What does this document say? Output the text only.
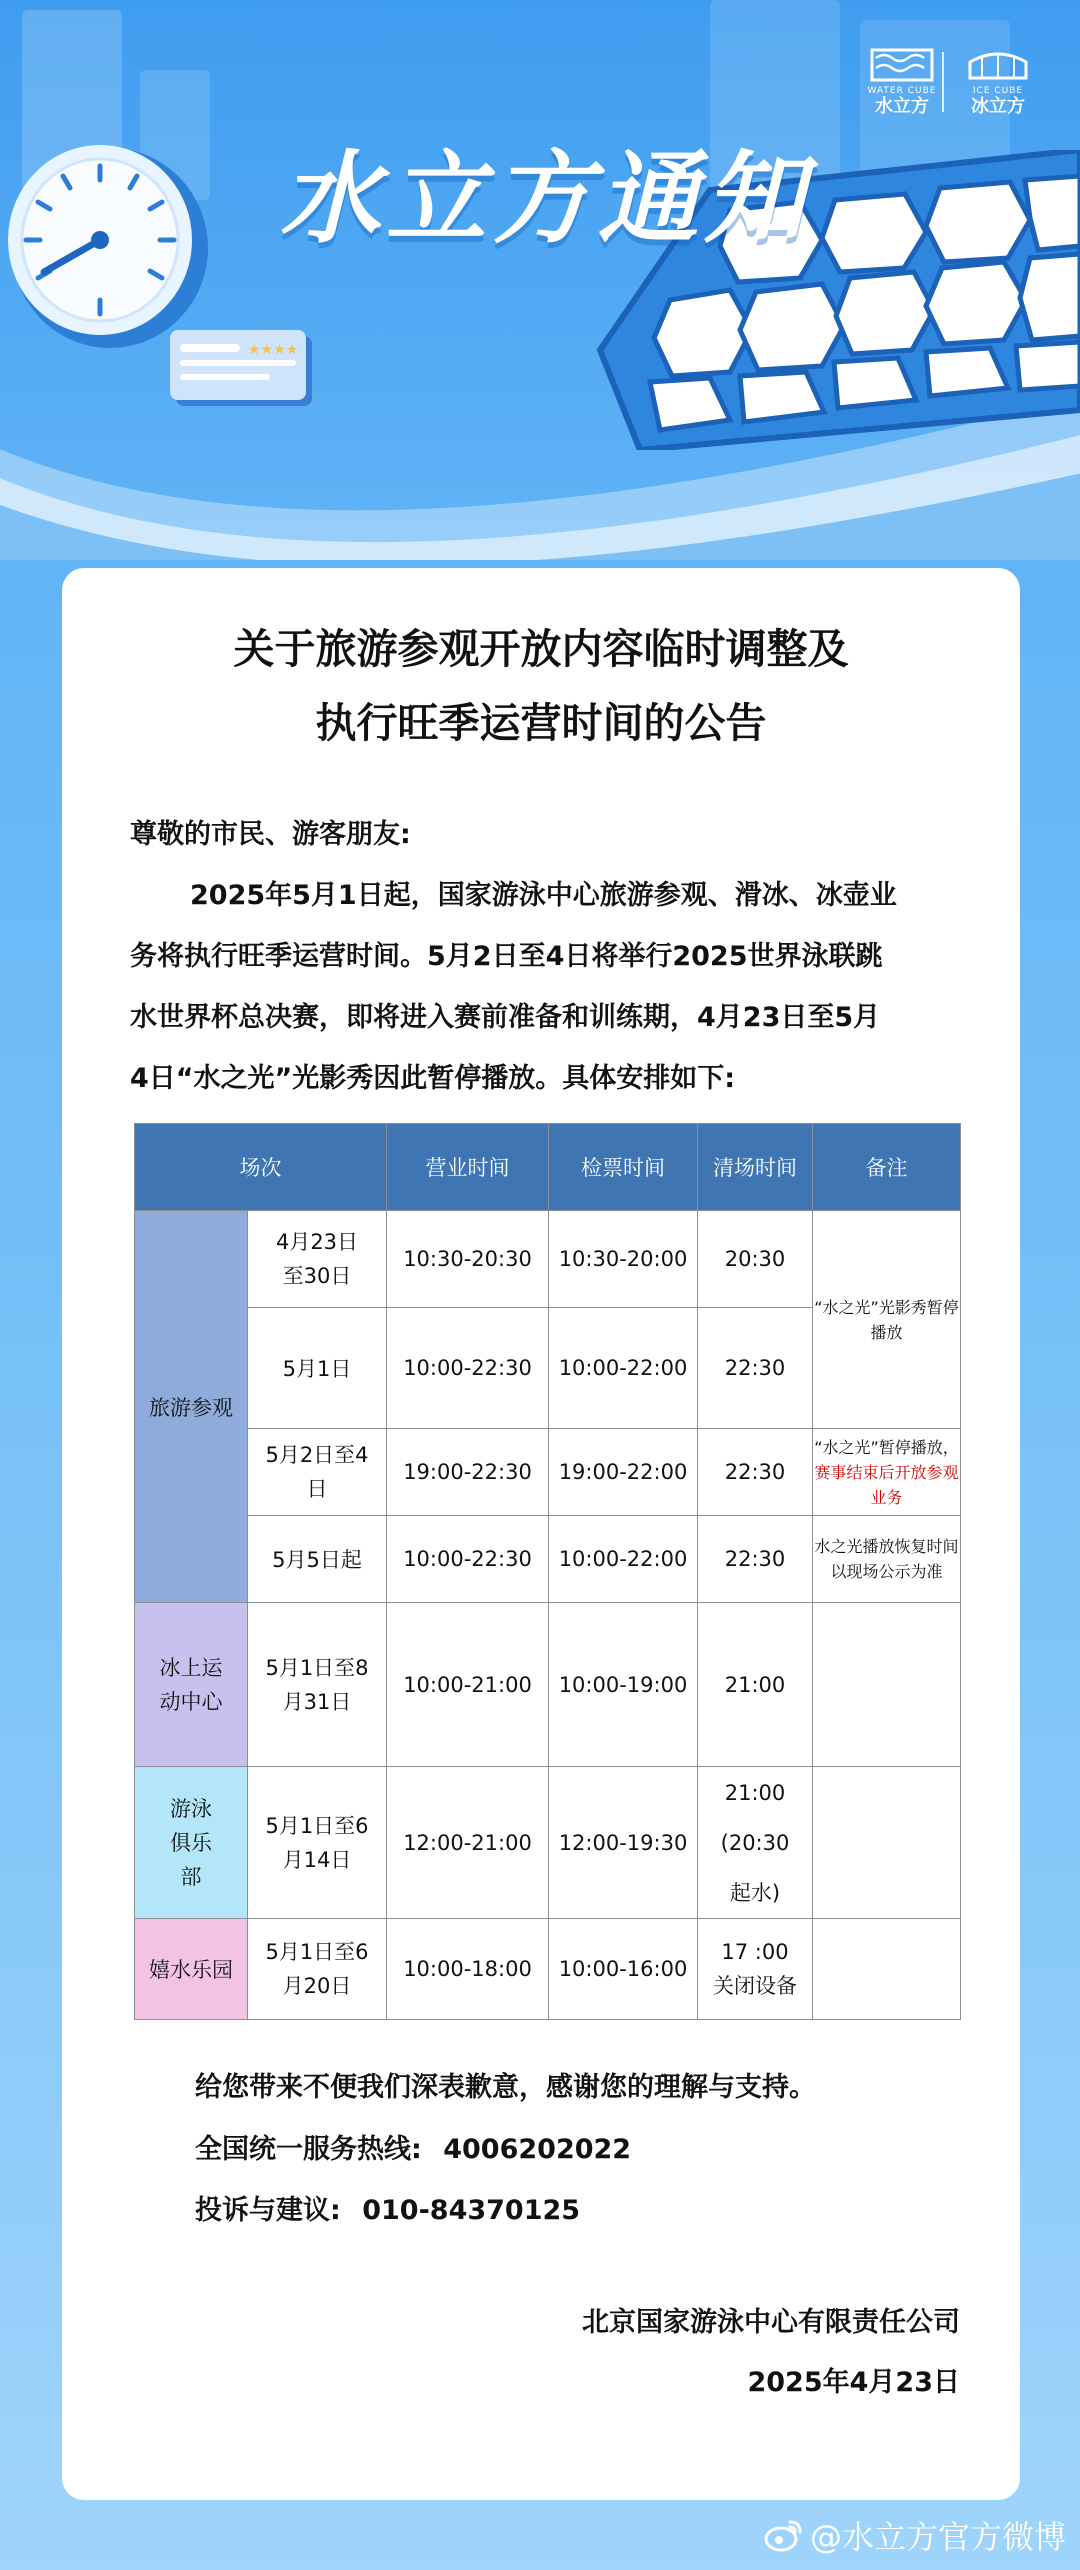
★★★★
WATER CUBE
水立方
ICE CUBE
冰立方
水立方通知
关于旅游参观开放内容临时调整及
执行旺季运营时间的公告
尊敬的市民、游客朋友:
2025年5月1日起，国家游泳中心旅游参观、滑冰、冰壶业
务将执行旺季运营时间。5月2日至4日将举行2025世界泳联跳
水世界杯总决赛，即将进入赛前准备和训练期，4月23日至5月
4日“水之光”光影秀因此暂停播放。具体安排如下:
场次		营业时间	检票时间	清场时间	备注
旅游参观	4月23日至30日	10:30-20:30	10:30-20:00	20:30	“水之光”光影秀暂停播放
	5月1日	10:00-22:30	10:00-22:00	22:30	
	5月2日至4日	19:00-22:30	19:00-22:00	22:30	“水之光”暂停播放，赛事结束后开放参观业务
	5月5日起	10:00-22:30	10:00-22:00	22:30	水之光播放恢复时间以现场公示为准
冰上运动中心	5月1日至8月31日	10:00-21:00	10:00-19:00	21:00	
游泳俱乐部	5月1日至6月14日	12:00-21:00	12:00-19:30	21:00
(20:30起水)	
嬉水乐园	5月1日至6月20日	10:00-18:00	10:00-16:00	17 :00
关闭设备	
给您带来不便我们深表歉意，感谢您的理解与支持。
全国统一服务热线: 4006202022
投诉与建议: 010-84370125
北京国家游泳中心有限责任公司
2025年4月23日
@水立方官方微博
